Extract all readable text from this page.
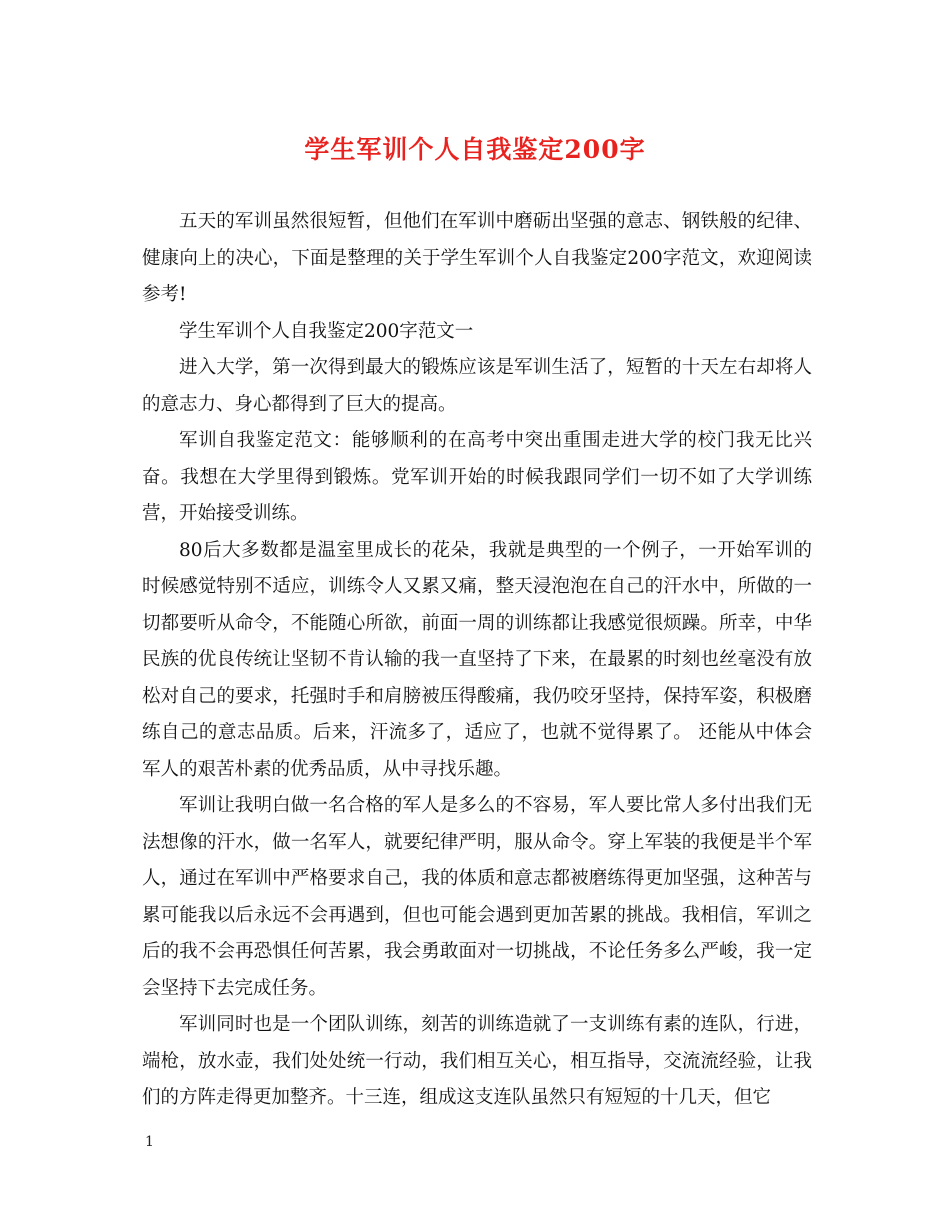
学生军训个人自我鉴定200字

五天的军训虽然很短暂，但他们在军训中磨砺出坚强的意志、钢铁般的纪律、健康向上的决心，下面是整理的关于学生军训个人自我鉴定200字范文，欢迎阅读参考!

学生军训个人自我鉴定200字范文一

进入大学，第一次得到最大的锻炼应该是军训生活了，短暂的十天左右却将人的意志力、身心都得到了巨大的提高。

军训自我鉴定范文：能够顺利的在高考中突出重围走进大学的校门我无比兴奋。我想在大学里得到锻炼。党军训开始的时候我跟同学们一切不如了大学训练营，开始接受训练。

80后大多数都是温室里成长的花朵，我就是典型的一个例子，一开始军训的时候感觉特别不适应，训练令人又累又痛，整天浸泡泡在自己的汗水中，所做的一切都要听从命令，不能随心所欲，前面一周的训练都让我感觉很烦躁。所幸，中华民族的优良传统让坚韧不肯认输的我一直坚持了下来，在最累的时刻也丝毫没有放松对自己的要求，托强时手和肩膀被压得酸痛，我仍咬牙坚持，保持军姿，积极磨练自己的意志品质。后来，汗流多了，适应了，也就不觉得累了。 还能从中体会军人的艰苦朴素的优秀品质，从中寻找乐趣。

军训让我明白做一名合格的军人是多么的不容易，军人要比常人多付出我们无法想像的汗水，做一名军人，就要纪律严明，服从命令。穿上军装的我便是半个军人，通过在军训中严格要求自己，我的体质和意志都被磨练得更加坚强，这种苦与累可能我以后永远不会再遇到，但也可能会遇到更加苦累的挑战。我相信，军训之后的我不会再恐惧任何苦累，我会勇敢面对一切挑战，不论任务多么严峻，我一定会坚持下去完成任务。

军训同时也是一个团队训练，刻苦的训练造就了一支训练有素的连队，行进，端枪，放水壶，我们处处统一行动，我们相互关心，相互指导，交流流经验，让我们的方阵走得更加整齐。十三连，组成这支连队虽然只有短短的十几天，但它

1
